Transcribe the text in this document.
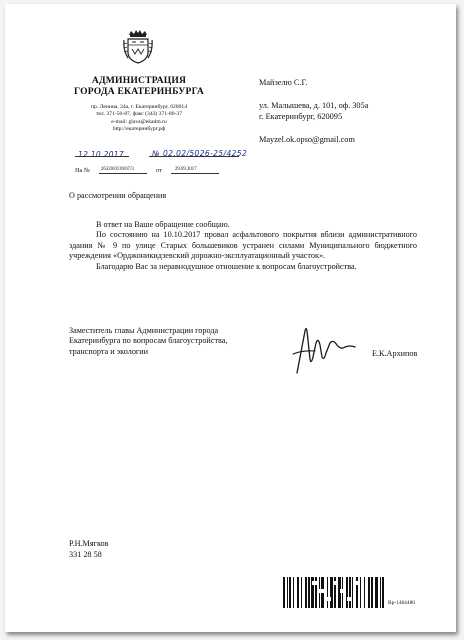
АДМИНИСТРАЦИЯ
ГОРОДА ЕКАТЕРИНБУРГА
пр. Ленина, 24а, г. Екатеринбург, 620014
тел. 371-50-87, факс (343) 371-80-37
e-mail: glava@ekadm.ru
http://екатеринбург.рф
12.10.2017	№ 02.02/5026-25/4252
На № 26320/0139/67/3	от	29.09.2017
Майзелю С.Г.
ул. Малышева, д. 101, оф. 305а
г. Екатеринбург, 620095
Mayzel.ok.opso@gmail.com
О рассмотрении обращения

В ответ на Ваше обращение сообщаю.

По состоянию на 10.10.2017 провал асфальтового покрытия вблизи административного здания № 9 по улице Старых большевиков устранен силами Муниципального бюджетного учреждения «Орджоникидзевский дорожно-эксплуатационный участок».

Благодарю Вас за неравнодушное отношение к вопросам благоустройства.

Заместитель главы Администрации города
Екатеринбурга по вопросам благоустройства,
транспорта и экологии	Е.К.Архипов
Р.Н.Мягков
331 28 58
Вр-1484486
